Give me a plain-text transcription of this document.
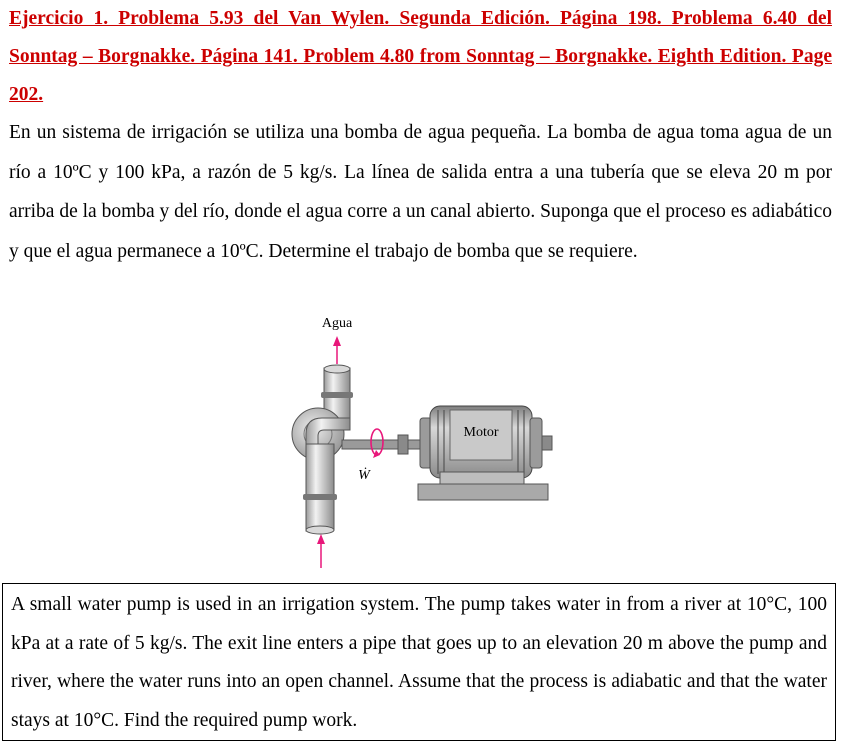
Ejercicio 1. Problema 5.93 del Van Wylen. Segunda Edición. Página 198. Problema 6.40 del Sonntag – Borgnakke. Página 141. Problem 4.80 from Sonntag – Borgnakke. Eighth Edition. Page 202.

En un sistema de irrigación se utiliza una bomba de agua pequeña. La bomba de agua toma agua de un río a 10ºC y 100 kPa, a razón de 5 kg/s. La línea de salida entra a una tubería que se eleva 20 m por arriba de la bomba y del río, donde el agua corre a un canal abierto. Suponga que el proceso es adiabático y que el agua permanece a 10ºC. Determine el trabajo de bomba que se requiere.

Agua
Ẇ
Motor

A small water pump is used in an irrigation system. The pump takes water in from a river at 10°C, 100 kPa at a rate of 5 kg/s. The exit line enters a pipe that goes up to an elevation 20 m above the pump and river, where the water runs into an open channel. Assume that the process is adiabatic and that the water stays at 10°C. Find the required pump work.
